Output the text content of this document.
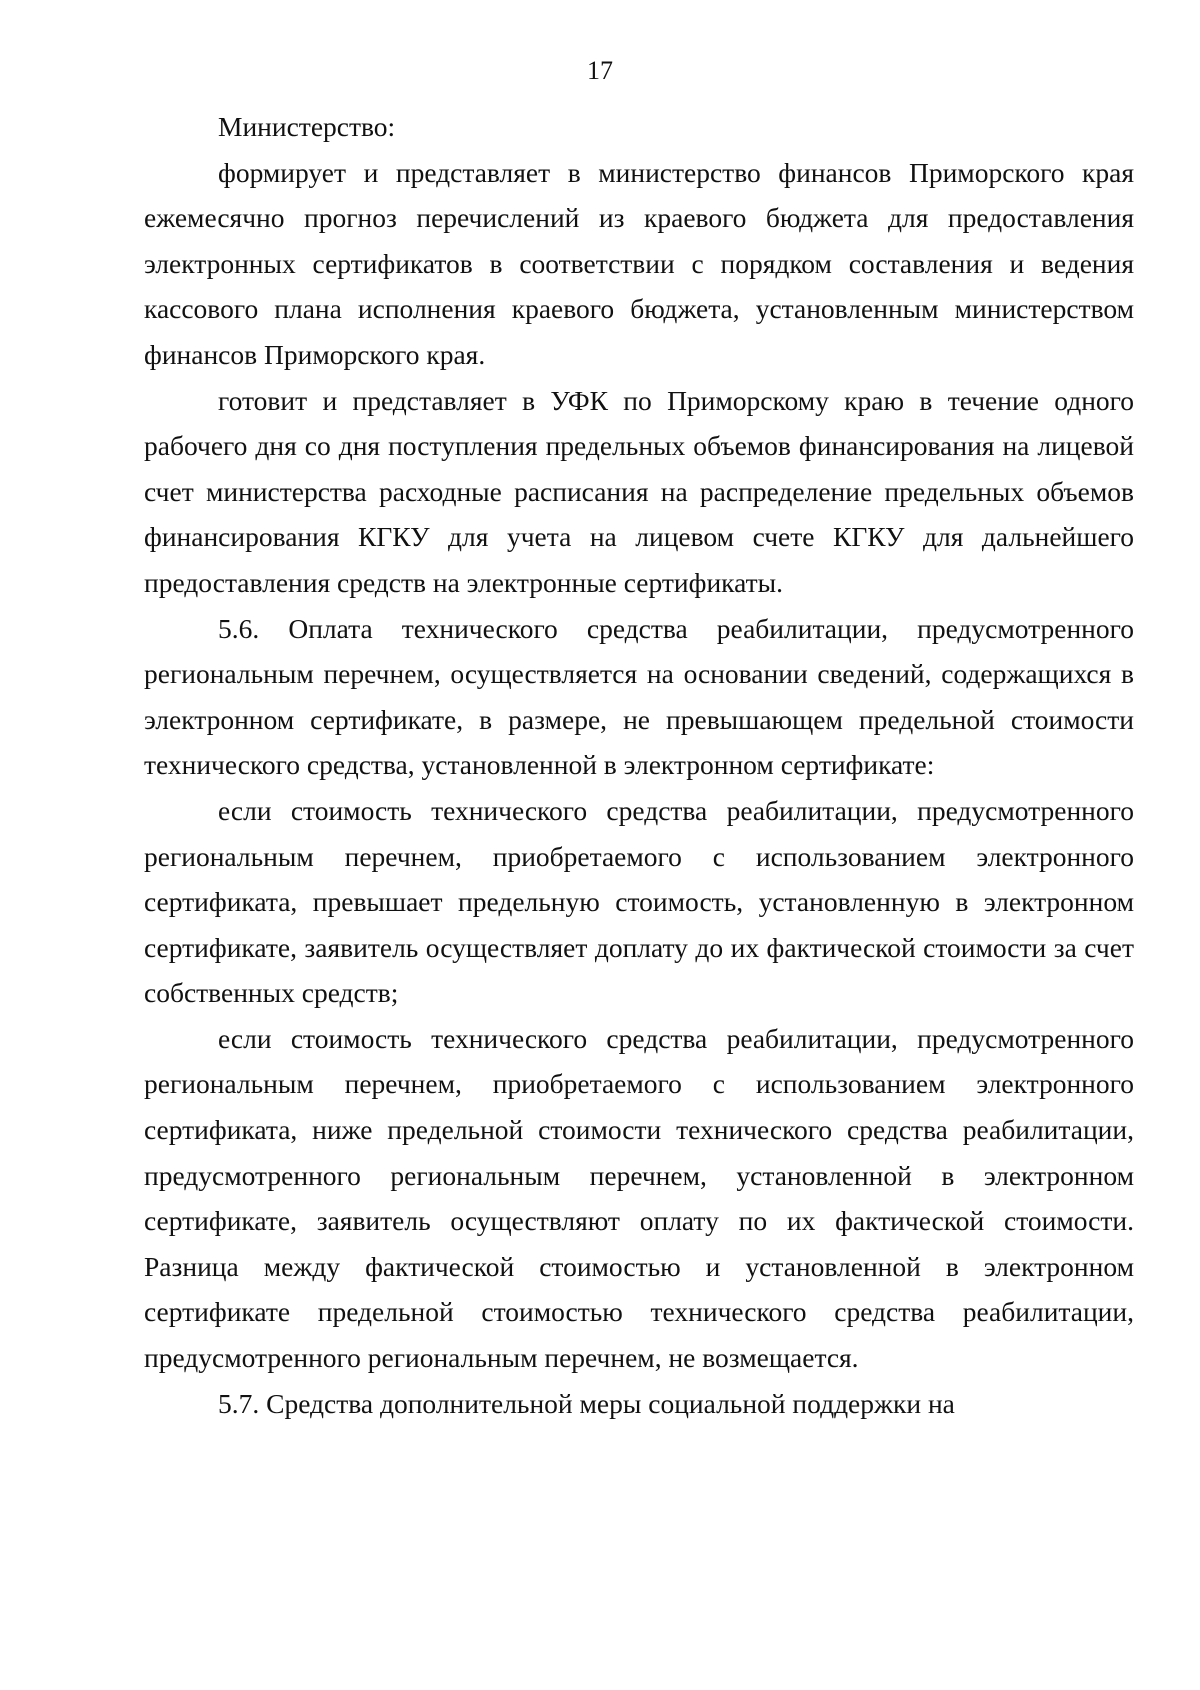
17

Министерство:

формирует и представляет в министерство финансов Приморского края ежемесячно прогноз перечислений из краевого бюджета для предоставления электронных сертификатов в соответствии с порядком составления и ведения кассового плана исполнения краевого бюджета, установленным министерством финансов Приморского края.

готовит и представляет в УФК по Приморскому краю в течение одного рабочего дня со дня поступления предельных объемов финансирования на лицевой счет министерства расходные расписания на распределение предельных объемов финансирования КГКУ для учета на лицевом счете КГКУ для дальнейшего предоставления средств на электронные сертификаты.

5.6. Оплата технического средства реабилитации, предусмотренного региональным перечнем, осуществляется на основании сведений, содержащихся в электронном сертификате, в размере, не превышающем предельной стоимости технического средства, установленной в электронном сертификате:

если стоимость технического средства реабилитации, предусмотренного региональным перечнем, приобретаемого с использованием электронного сертификата, превышает предельную стоимость, установленную в электронном сертификате, заявитель осуществляет доплату до их фактической стоимости за счет собственных средств;

если стоимость технического средства реабилитации, предусмотренного региональным перечнем, приобретаемого с использованием электронного сертификата, ниже предельной стоимости технического средства реабилитации, предусмотренного региональным перечнем, установленной в электронном сертификате, заявитель осуществляют оплату по их фактической стоимости. Разница между фактической стоимостью и установленной в электронном сертификате предельной стоимостью технического средства реабилитации, предусмотренного региональным перечнем, не возмещается.

5.7. Средства дополнительной меры социальной поддержки на
